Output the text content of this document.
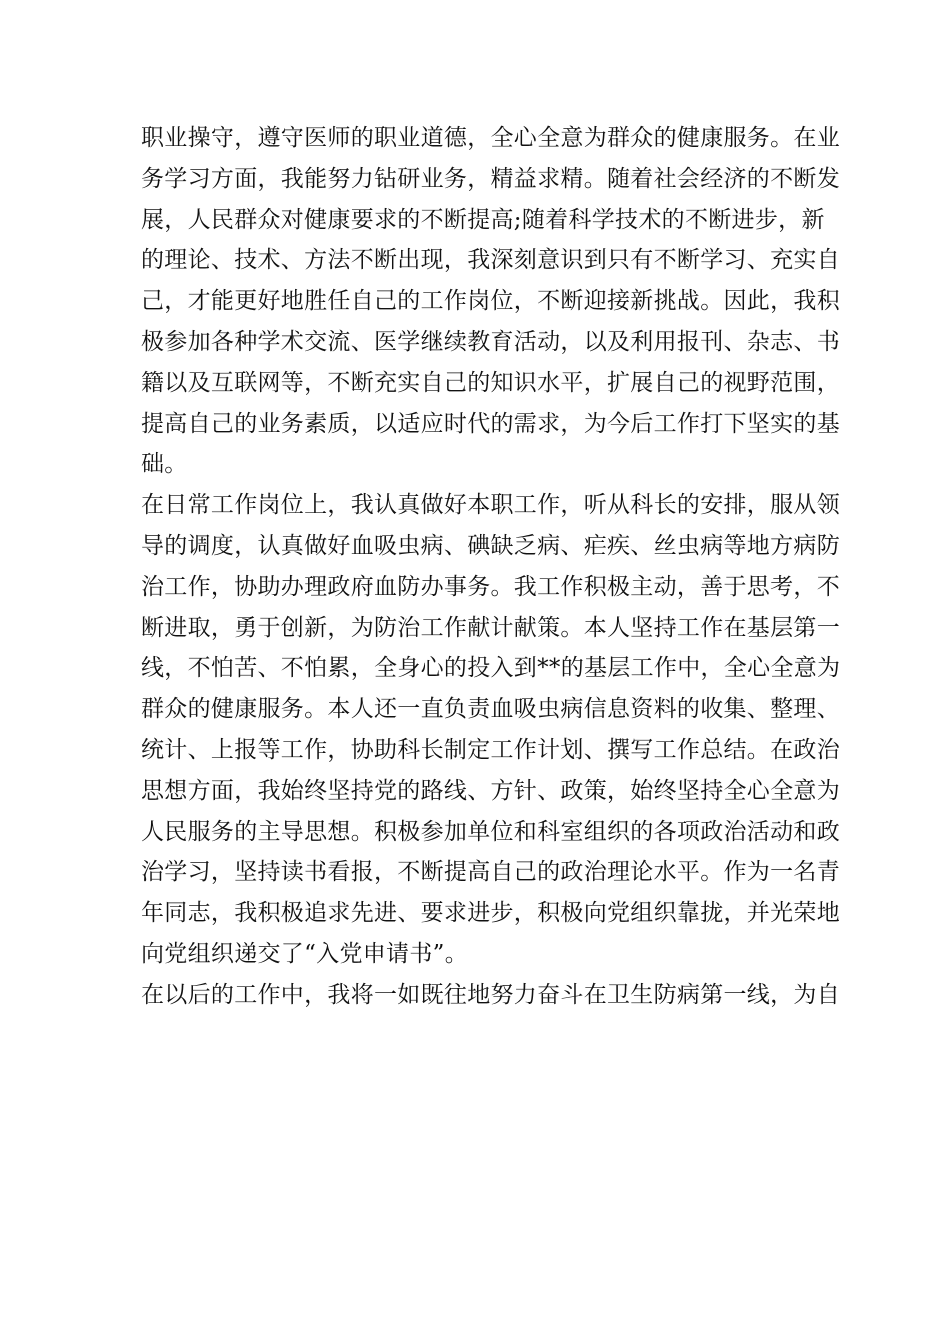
职业操守，遵守医师的职业道德，全心全意为群众的健康服务。在业
务学习方面，我能努力钻研业务，精益求精。随着社会经济的不断发
展，人民群众对健康要求的不断提高;随着科学技术的不断进步，新
的理论、技术、方法不断出现，我深刻意识到只有不断学习、充实自
己，才能更好地胜任自己的工作岗位，不断迎接新挑战。因此，我积
极参加各种学术交流、医学继续教育活动，以及利用报刊、杂志、书
籍以及互联网等，不断充实自己的知识水平，扩展自己的视野范围，
提高自己的业务素质，以适应时代的需求，为今后工作打下坚实的基
础。
在日常工作岗位上，我认真做好本职工作，听从科长的安排，服从领
导的调度，认真做好血吸虫病、碘缺乏病、疟疾、丝虫病等地方病防
治工作，协助办理政府血防办事务。我工作积极主动，善于思考，不
断进取，勇于创新，为防治工作献计献策。本人坚持工作在基层第一
线，不怕苦、不怕累，全身心的投入到**的基层工作中，全心全意为
群众的健康服务。本人还一直负责血吸虫病信息资料的收集、整理、
统计、上报等工作，协助科长制定工作计划、撰写工作总结。在政治
思想方面，我始终坚持党的路线、方针、政策，始终坚持全心全意为
人民服务的主导思想。积极参加单位和科室组织的各项政治活动和政
治学习，坚持读书看报，不断提高自己的政治理论水平。作为一名青
年同志，我积极追求先进、要求进步，积极向党组织靠拢，并光荣地
向党组织递交了“入党申请书”。
在以后的工作中，我将一如既往地努力奋斗在卫生防病第一线，为自
